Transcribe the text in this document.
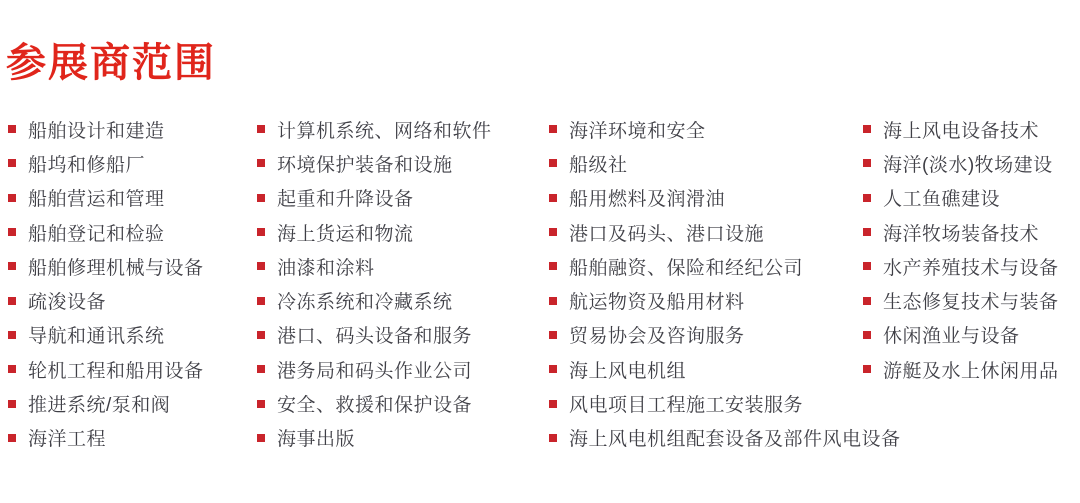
参展商范围
船舶设计和建造
船坞和修船厂
船舶营运和管理
船舶登记和检验
船舶修理机械与设备
疏浚设备
导航和通讯系统
轮机工程和船用设备
推进系统/泵和阀
海洋工程
计算机系统、网络和软件
环境保护装备和设施
起重和升降设备
海上货运和物流
油漆和涂料
冷冻系统和冷藏系统
港口、码头设备和服务
港务局和码头作业公司
安全、救援和保护设备
海事出版
海洋环境和安全
船级社
船用燃料及润滑油
港口及码头、港口设施
船舶融资、保险和经纪公司
航运物资及船用材料
贸易协会及咨询服务
海上风电机组
风电项目工程施工安装服务
海上风电机组配套设备及部件风电设备
海上风电设备技术
海洋(淡水)牧场建设
人工鱼礁建设
海洋牧场装备技术
水产养殖技术与设备
生态修复技术与装备
休闲渔业与设备
游艇及水上休闲用品
